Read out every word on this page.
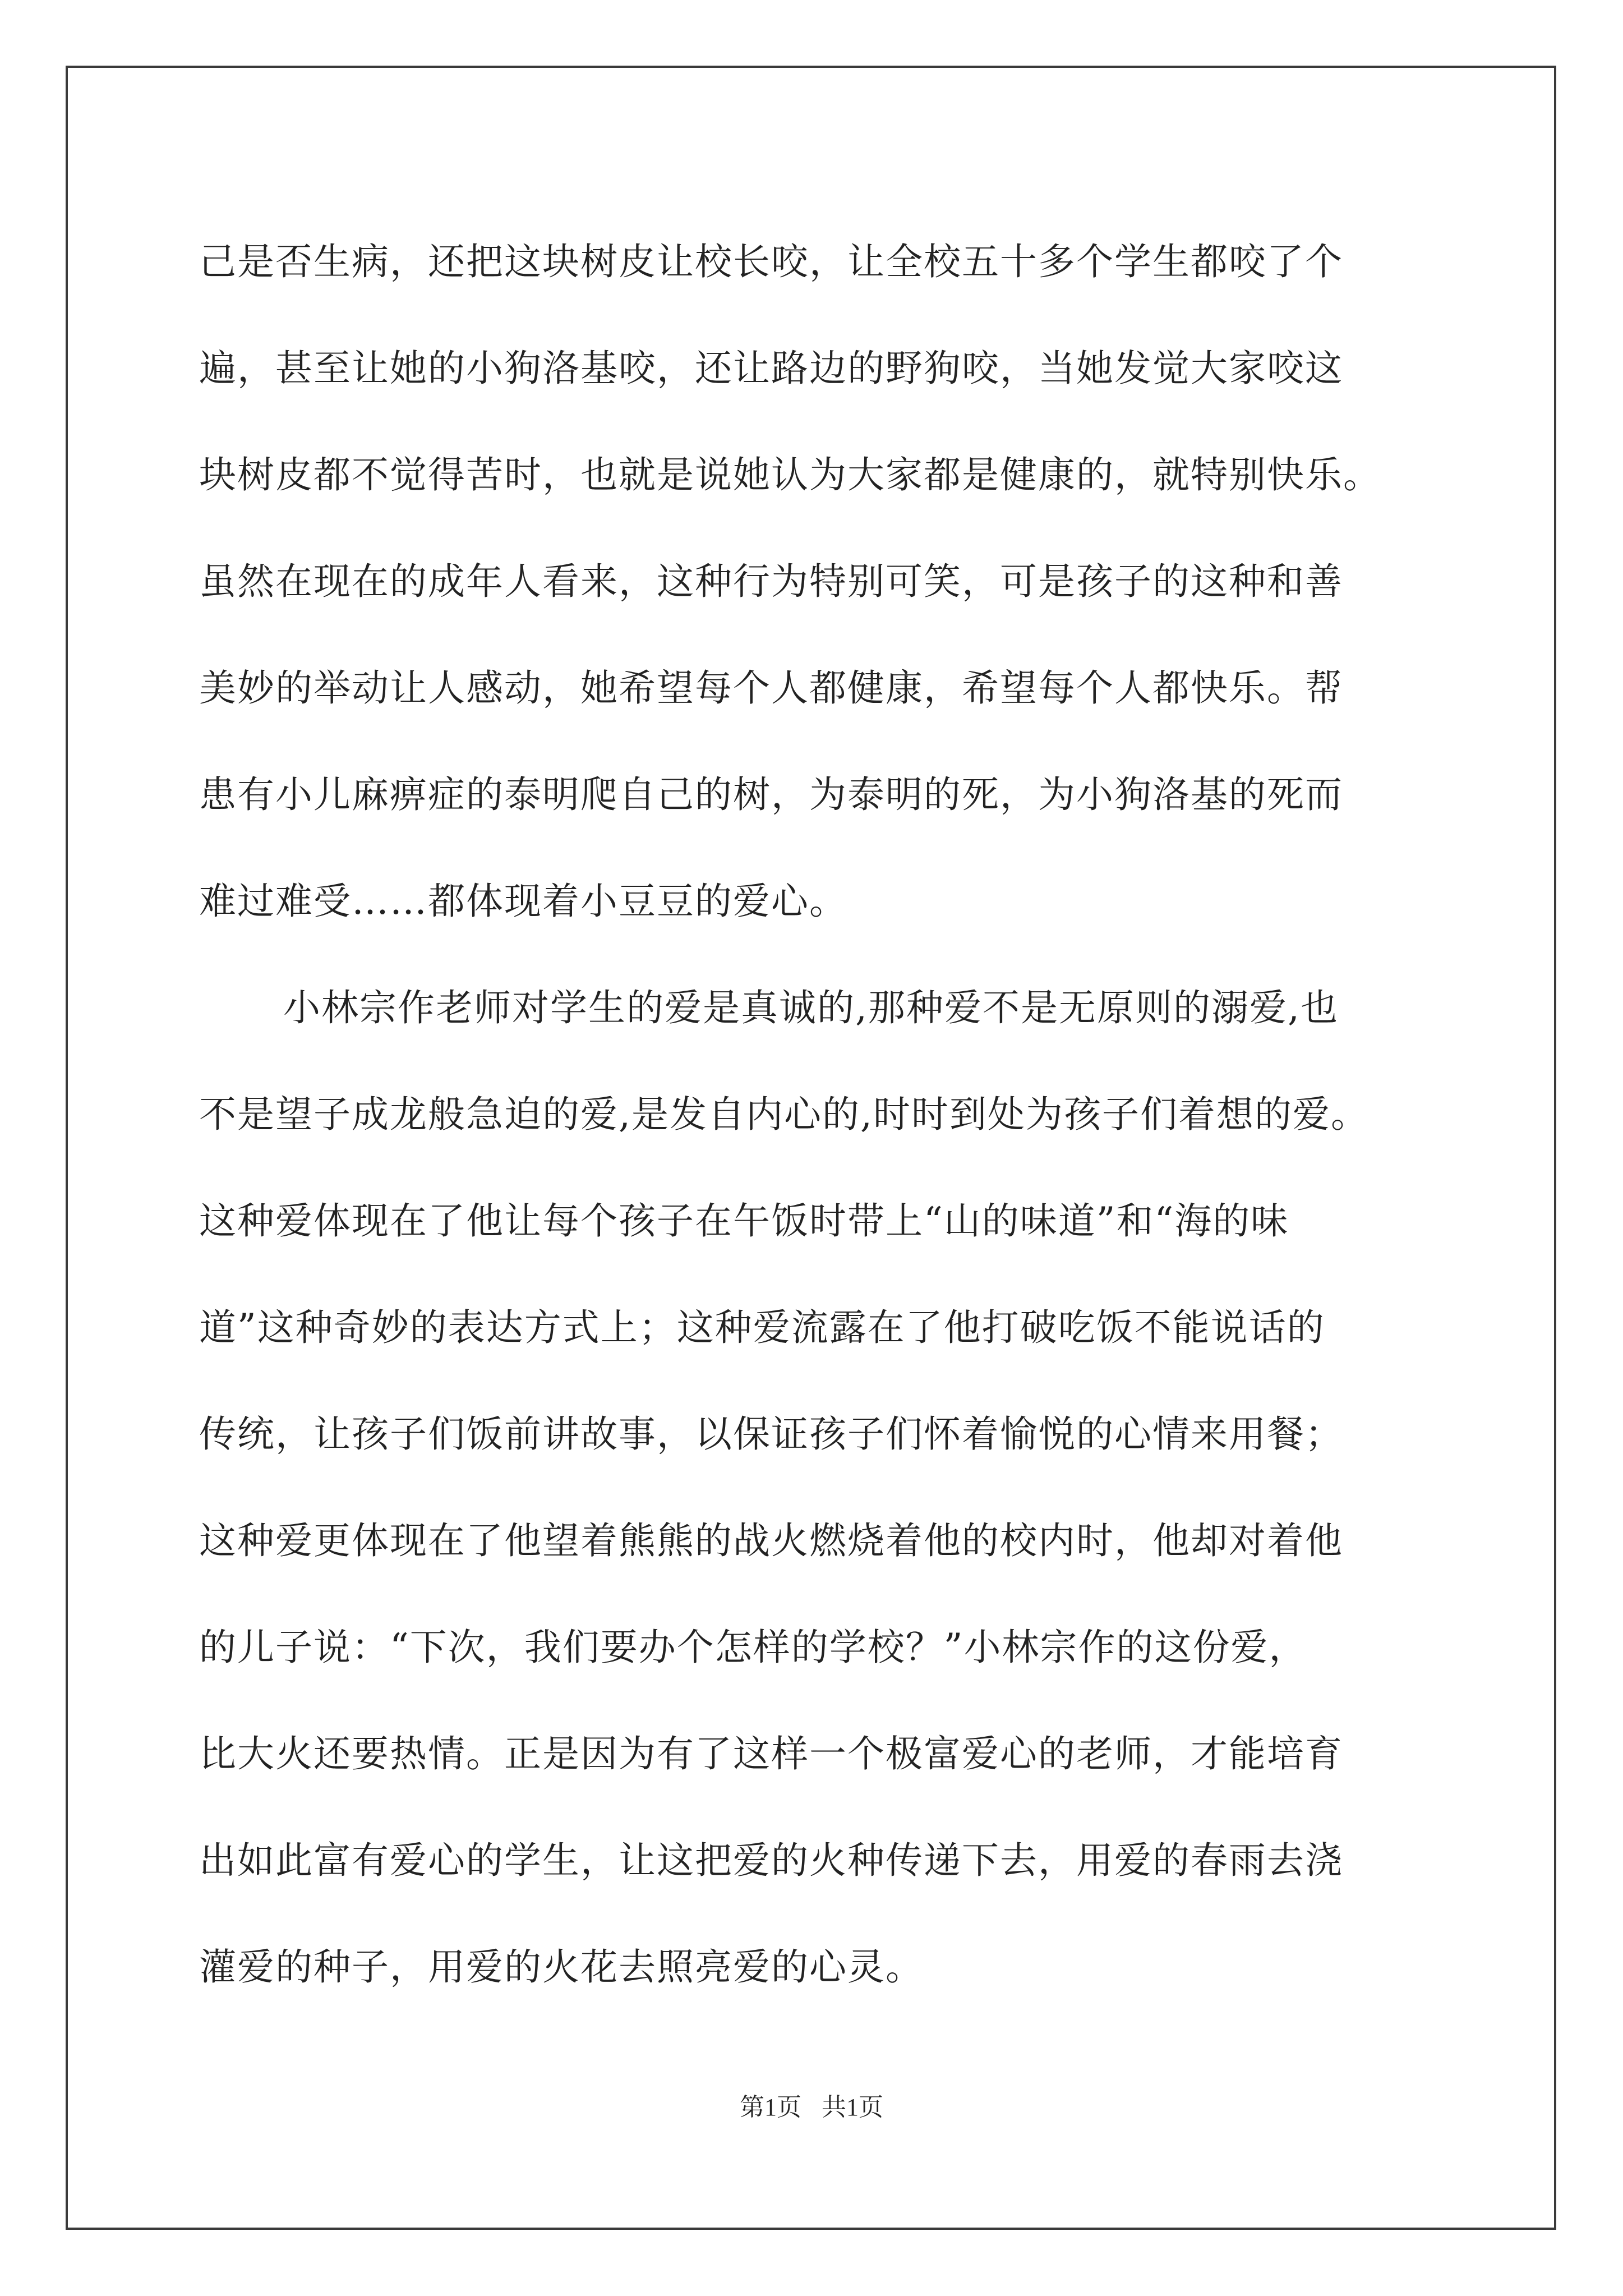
己是否生病，还把这块树皮让校长咬，让全校五十多个学生都咬了个
遍，甚至让她的小狗洛基咬，还让路边的野狗咬，当她发觉大家咬这
块树皮都不觉得苦时，也就是说她认为大家都是健康的，就特别快乐。
虽然在现在的成年人看来，这种行为特别可笑，可是孩子的这种和善
美妙的举动让人感动，她希望每个人都健康，希望每个人都快乐。帮
患有小儿麻痹症的泰明爬自己的树，为泰明的死，为小狗洛基的死而
难过难受……都体现着小豆豆的爱心。
小林宗作老师对学生的爱是真诚的,那种爱不是无原则的溺爱,也
不是望子成龙般急迫的爱,是发自内心的,时时到处为孩子们着想的爱。
这种爱体现在了他让每个孩子在午饭时带上“山的味道”和“海的味
道”这种奇妙的表达方式上；这种爱流露在了他打破吃饭不能说话的
传统，让孩子们饭前讲故事，以保证孩子们怀着愉悦的心情来用餐；
这种爱更体现在了他望着熊熊的战火燃烧着他的校内时，他却对着他
的儿子说：“下次，我们要办个怎样的学校？”小林宗作的这份爱，
比大火还要热情。正是因为有了这样一个极富爱心的老师，才能培育
出如此富有爱心的学生，让这把爱的火种传递下去，用爱的春雨去浇
灌爱的种子，用爱的火花去照亮爱的心灵。
第1页 共1页
